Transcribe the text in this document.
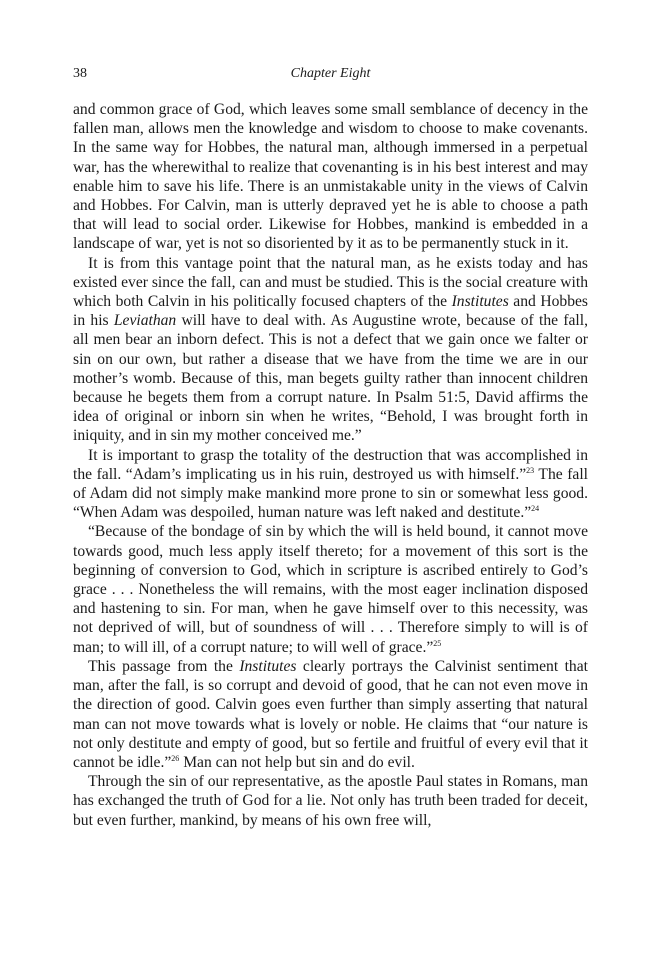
38	Chapter Eight

and common grace of God, which leaves some small semblance of decency in the fallen man, allows men the knowledge and wisdom to choose to make covenants. In the same way for Hobbes, the natural man, although immersed in a perpetual war, has the wherewithal to realize that covenanting is in his best interest and may enable him to save his life. There is an unmistakable unity in the views of Calvin and Hobbes. For Calvin, man is utterly depraved yet he is able to choose a path that will lead to social order. Likewise for Hobbes, mankind is embedded in a landscape of war, yet is not so disoriented by it as to be permanently stuck in it.

It is from this vantage point that the natural man, as he exists today and has existed ever since the fall, can and must be studied. This is the social creature with which both Calvin in his politically focused chapters of the Institutes and Hobbes in his Leviathan will have to deal with. As Augustine wrote, because of the fall, all men bear an inborn defect. This is not a defect that we gain once we falter or sin on our own, but rather a disease that we have from the time we are in our mother’s womb. Because of this, man begets guilty rather than innocent children because he begets them from a corrupt nature. In Psalm 51:5, David affirms the idea of original or inborn sin when he writes, “Behold, I was brought forth in iniquity, and in sin my mother conceived me.”

It is important to grasp the totality of the destruction that was accomplished in the fall. “Adam’s implicating us in his ruin, destroyed us with himself.”$^{23}$ The fall of Adam did not simply make mankind more prone to sin or somewhat less good. “When Adam was despoiled, human nature was left naked and destitute.”$^{24}$

“Because of the bondage of sin by which the will is held bound, it cannot move towards good, much less apply itself thereto; for a movement of this sort is the beginning of conversion to God, which in scripture is ascribed entirely to God’s grace . . . Nonetheless the will remains, with the most eager inclination disposed and hastening to sin. For man, when he gave himself over to this necessity, was not deprived of will, but of soundness of will . . . Therefore simply to will is of man; to will ill, of a corrupt nature; to will well of grace.”$^{25}$

This passage from the Institutes clearly portrays the Calvinist sentiment that man, after the fall, is so corrupt and devoid of good, that he can not even move in the direction of good. Calvin goes even further than simply asserting that natural man can not move towards what is lovely or noble. He claims that “our nature is not only destitute and empty of good, but so fertile and fruitful of every evil that it cannot be idle.”$^{26}$ Man can not help but sin and do evil.

Through the sin of our representative, as the apostle Paul states in Romans, man has exchanged the truth of God for a lie. Not only has truth been traded for deceit, but even further, mankind, by means of his own free will,
